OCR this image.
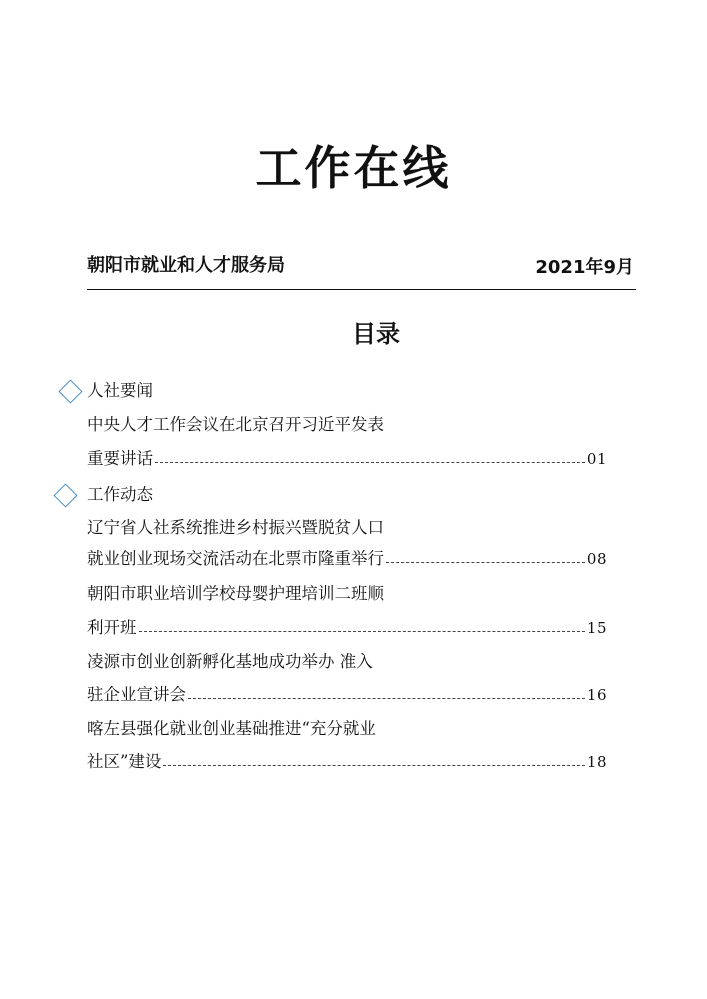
工作在线
朝阳市就业和人才服务局	2021年9月
目录
人社要闻
中央人才工作会议在北京召开习近平发表
重要讲话	01
工作动态
辽宁省人社系统推进乡村振兴暨脱贫人口
就业创业现场交流活动在北票市隆重举行	08
朝阳市职业培训学校母婴护理培训二班顺
利开班	15
凌源市创业创新孵化基地成功举办 准入
驻企业宣讲会	16
喀左县强化就业创业基础推进“充分就业
社区”建设	18
